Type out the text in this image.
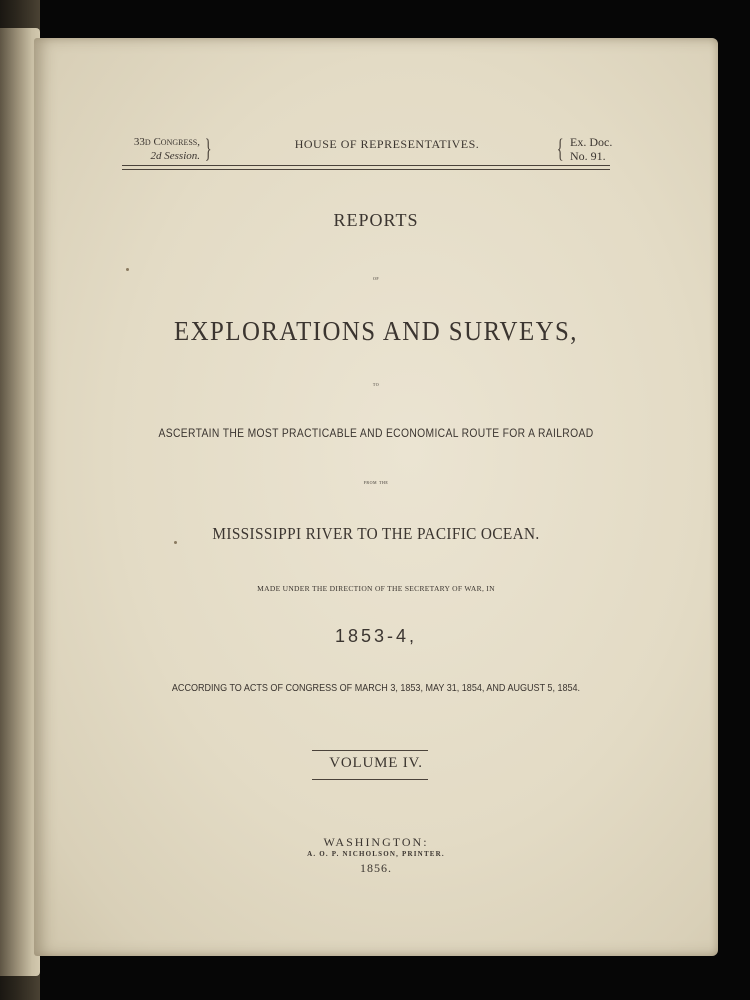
33d Congress,
2d Session. }	HOUSE OF REPRESENTATIVES.	{ Ex. Doc.
No. 91.
REPORTS
of
EXPLORATIONS AND SURVEYS,
to
ASCERTAIN THE MOST PRACTICABLE AND ECONOMICAL ROUTE FOR A RAILROAD
from the
MISSISSIPPI RIVER TO THE PACIFIC OCEAN.
MADE UNDER THE DIRECTION OF THE SECRETARY OF WAR, IN
1853-4,
ACCORDING TO ACTS OF CONGRESS OF MARCH 3, 1853, MAY 31, 1854, AND AUGUST 5, 1854.
VOLUME IV.
WASHINGTON:
A. O. P. NICHOLSON, PRINTER.
1856.
